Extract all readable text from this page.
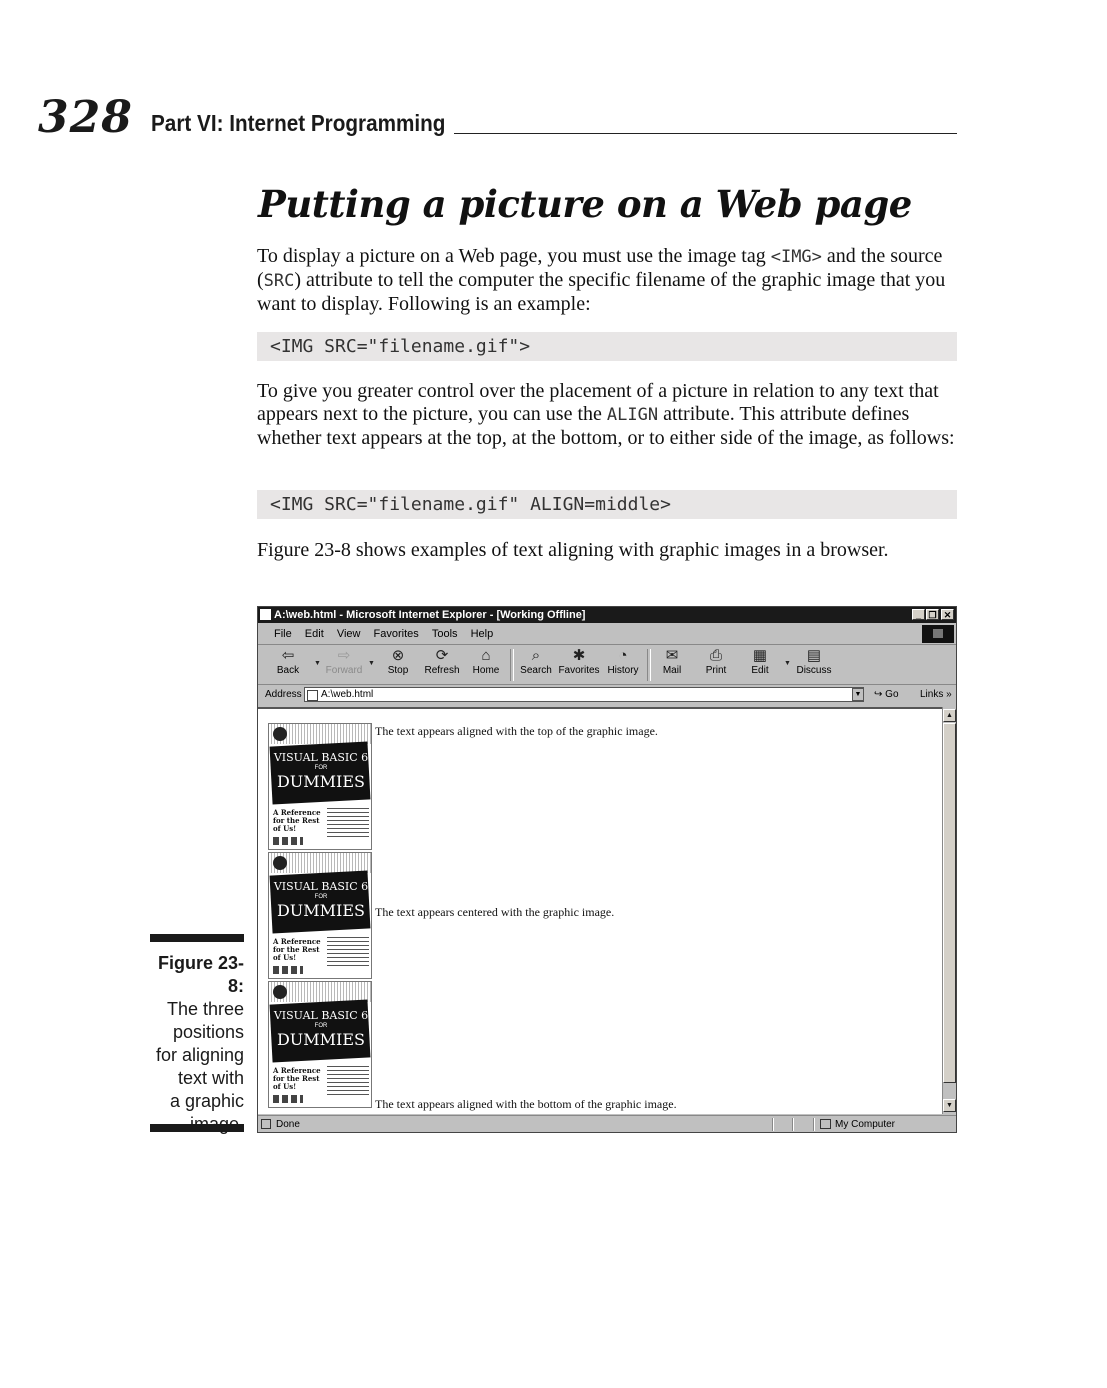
328 Part VI: Internet Programming
Putting a picture on a Web page
To display a picture on a Web page, you must use the image tag <IMG> and the source (SRC) attribute to tell the computer the specific filename of the graphic image that you want to display. Following is an example:
<IMG SRC="filename.gif">
To give you greater control over the placement of a picture in relation to any text that appears next to the picture, you can use the ALIGN attribute. This attribute defines whether text appears at the top, at the bottom, or to either side of the image, as follows:
<IMG SRC="filename.gif" ALIGN=middle>
Figure 23-8 shows examples of text aligning with graphic images in a browser.
Figure 23-8:
The three
positions
for aligning
text with
a graphic
A:\web.html - Microsoft Internet Explorer - [Working Offline]	_ ❐ ✕
File Edit View Favorites Tools Help
⇦
Back
▼ ⇨
Forward
▼ ⊗
Stop
⟳
Refresh
⌂
Home
⌕
Search
✱
Favorites
◔
History
✉
Mail
⎙
Print
▦
Edit
▼ ▤
Discuss
Address	A:\web.html	▼ ↪ Go Links »
VISUAL BASIC 6
FOR
DUMMIES
A Reference for the Rest of Us!
The text appears aligned with the top of the graphic image.
VISUAL BASIC 6
FOR
DUMMIES
A Reference for the Rest of Us!
The text appears centered with the graphic image.
VISUAL BASIC 6
FOR
DUMMIES
A Reference for the Rest of Us!
The text appears aligned with the bottom of the graphic image.
▲
▼
Done	My Computer
